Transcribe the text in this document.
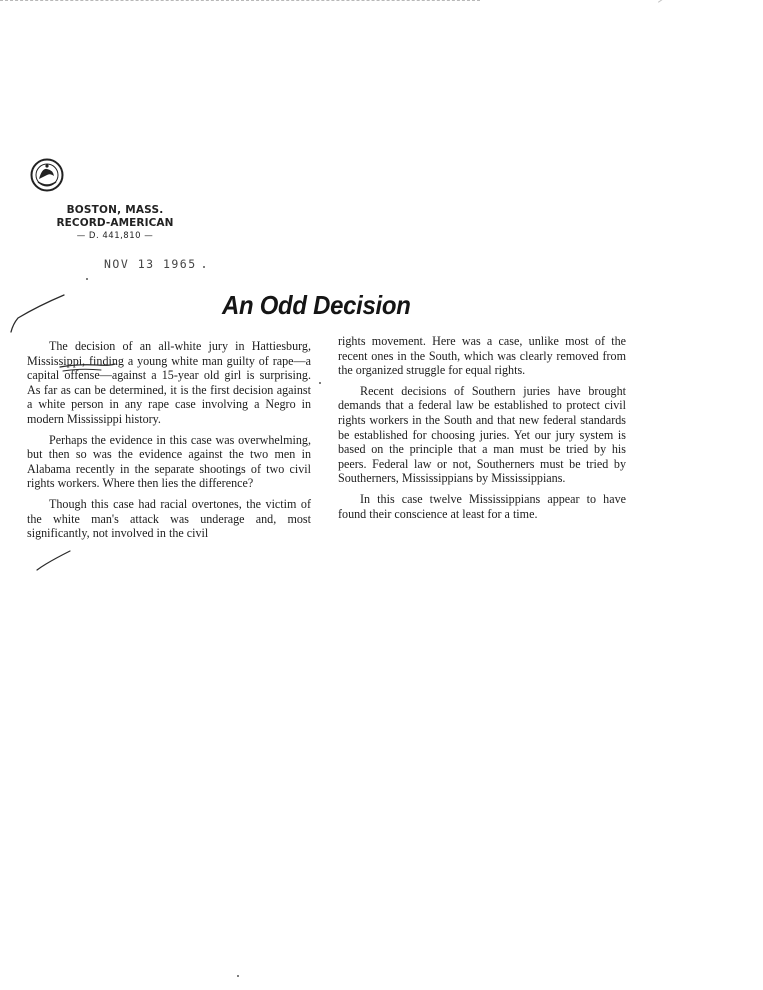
BOSTON, MASS.
RECORD-AMERICAN
— D. 441,810 —
NOV 13 1965
An Odd Decision

The decision of an all-white jury in Hattiesburg, Mississippi, finding a young white man guilty of rape—a capital offense—against a 15-year old girl is surprising. As far as can be determined, it is the first decision against a white person in any rape case involving a Negro in modern Mississippi history.

Perhaps the evidence in this case was overwhelming, but then so was the evidence against the two men in Alabama recently in the separate shootings of two civil rights workers. Where then lies the difference?

Though this case had racial overtones, the victim of the white man's attack was underage and, most significantly, not involved in the civil

rights movement. Here was a case, unlike most of the recent ones in the South, which was clearly removed from the organized struggle for equal rights.

Recent decisions of Southern juries have brought demands that a federal law be established to protect civil rights workers in the South and that new federal standards be established for choosing juries. Yet our jury system is based on the principle that a man must be tried by his peers. Federal law or not, Southerners must be tried by Southerners, Mississippians by Mississippians.

In this case twelve Mississippians appear to have found their conscience at least for a time.
